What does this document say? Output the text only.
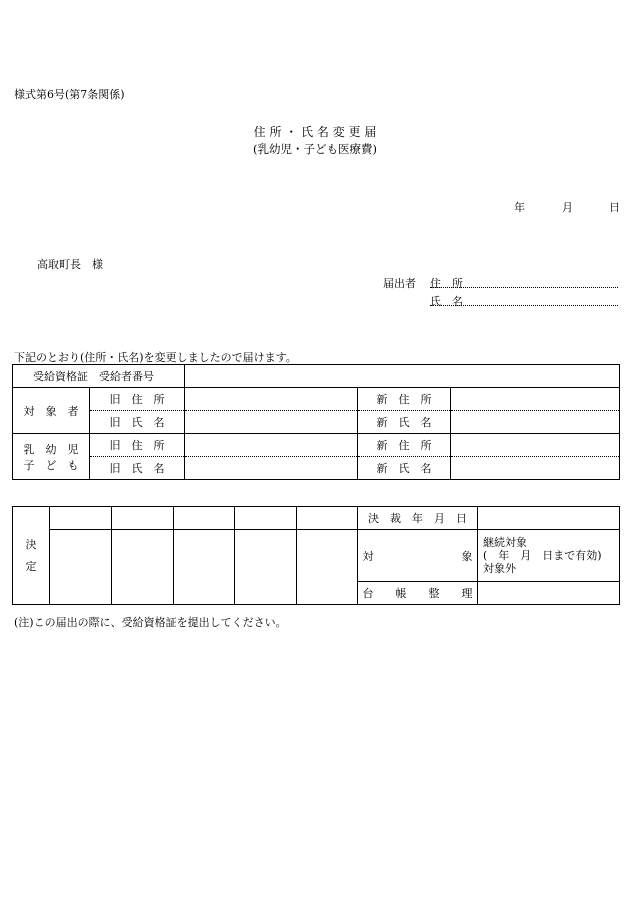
様式第6号(第7条関係)
住 所 ・ 氏 名 変 更 届
(乳幼児・子ども医療費)
年	月	日
高取町長　様
届出者 住　所
氏　名
下記のとおり(住所・氏名)を変更しましたので届けます。
受給資格証　受給者番号				
対　象　者	旧　住　所		新　住　所	
	旧　氏　名		新　氏　名	

乳　幼　児
子　ど　も	旧　住　所		新　住　所	
	旧　氏　名		新　氏　名	
決
定						決　裁　年　月　日	
						対　　　　　　　　象	継続対象
(　年　月　日まで有効)
対象外

						台　　帳　　整　　理	
(注)この届出の際に、受給資格証を提出してください。
